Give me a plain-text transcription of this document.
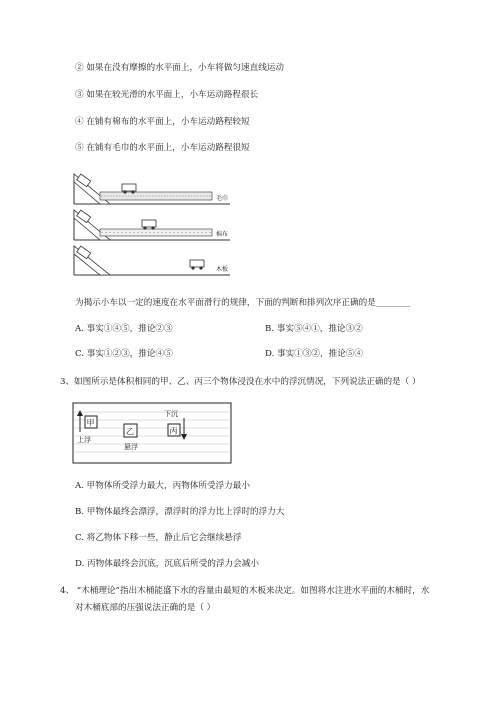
② 如果在没有摩擦的水平面上，小车将做匀速直线运动
③ 如果在较光滑的水平面上，小车运动路程很长
④ 在铺有棉布的水平面上，小车运动路程较短
⑤ 在铺有毛巾的水平面上，小车运动路程很短
毛巾
棉布
木板
为揭示小车以一定的速度在水平面滑行的规律，下面的判断和排列次序正确的是________
A. 事实①④⑤，推论②③	B. 事实⑤④①，推论③②
C. 事实①②③，推论④⑤	D. 事实①③②，推论⑤④
3、如图所示是体积相同的甲、乙、丙三个物体浸没在水中的浮沉情况，下列说法正确的是（ ）
甲
上浮
乙
悬浮
下沉
丙
A. 甲物体所受浮力最大，丙物体所受浮力最小
B. 甲物体最终会漂浮，漂浮时的浮力比上浮时的浮力大
C. 将乙物体下移一些，静止后它会继续悬浮
D. 丙物体最终会沉底，沉底后所受的浮力会减小
4、 “木桶理论”指出木桶能盛下水的容量由最短的木板来决定。如图将水注进水平面的木桶时，水
对木桶底部的压强说法正确的是（ ）
